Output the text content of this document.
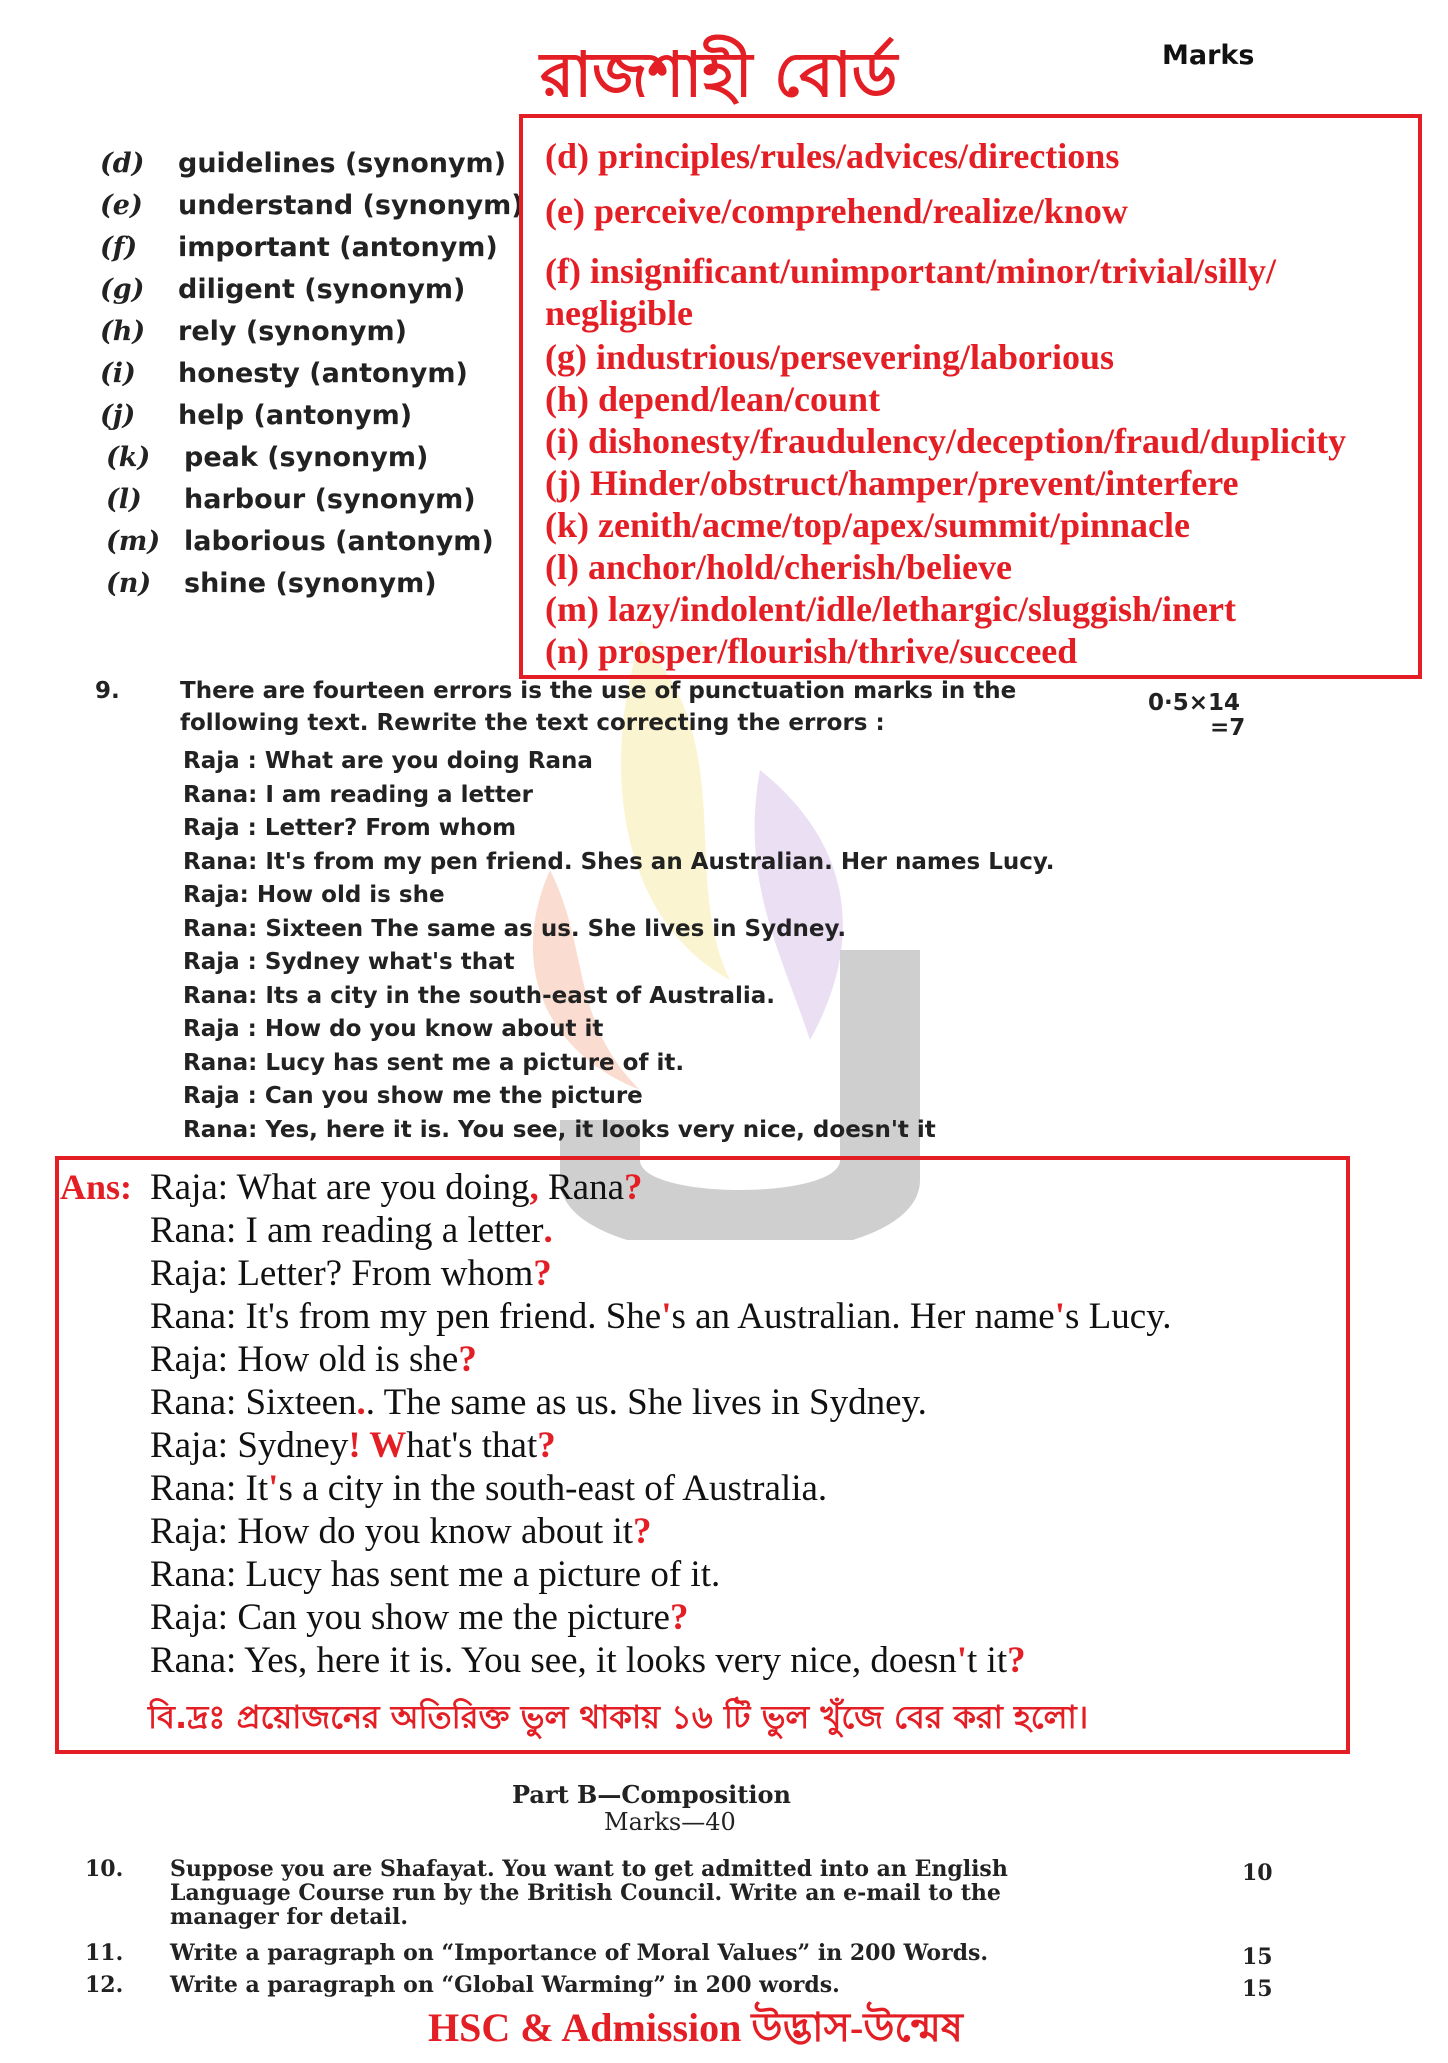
রাজশাহী বোর্ড	Marks
(d) guidelines (synonym)
(e) understand (synonym)
(f) important (antonym)
(g) diligent (synonym)
(h) rely (synonym)
(i) honesty (antonym)
(j) help (antonym)
(k) peak (synonym)
(l) harbour (synonym)
(m) laborious (antonym)
(n) shine (synonym)
(d) principles/rules/advices/directions
(e) perceive/comprehend/realize/know
(f) insignificant/unimportant/minor/trivial/silly/
negligible
(g) industrious/persevering/laborious
(h) depend/lean/count
(i) dishonesty/fraudulency/deception/fraud/duplicity
(j) Hinder/obstruct/hamper/prevent/interfere
(k) zenith/acme/top/apex/summit/pinnacle
(l) anchor/hold/cherish/believe
(m) lazy/indolent/idle/lethargic/sluggish/inert
(n) prosper/flourish/thrive/succeed
9.	There are fourteen errors is the use of punctuation marks in the
following text. Rewrite the text correcting the errors :
0·5×14
=7
Raja : What are you doing Rana
Rana: I am reading a letter
Raja : Letter? From whom
Rana: It's from my pen friend. Shes an Australian. Her names Lucy.
Raja: How old is she
Rana: Sixteen The same as us. She lives in Sydney.
Raja : Sydney what's that
Rana: Its a city in the south-east of Australia.
Raja : How do you know about it
Rana: Lucy has sent me a picture of it.
Raja : Can you show me the picture
Rana: Yes, here it is. You see, it looks very nice, doesn't it
Ans: Raja: What are you doing, Rana?
Rana: I am reading a letter.
Raja: Letter? From whom?
Rana: It's from my pen friend. She's an Australian. Her name's Lucy.
Raja: How old is she?
Rana: Sixteen.. The same as us. She lives in Sydney.
Raja: Sydney! What's that?
Rana: It's a city in the south-east of Australia.
Raja: How do you know about it?
Rana: Lucy has sent me a picture of it.
Raja: Can you show me the picture?
Rana: Yes, here it is. You see, it looks very nice, doesn't it?
বি.দ্রঃ প্রয়োজনের অতিরিক্ত ভুল থাকায় ১৬ টি ভুল খুঁজে বের করা হলো।
Part B—Composition
Marks—40
10. Suppose you are Shafayat. You want to get admitted into an English
Language Course run by the British Council. Write an e-mail to the
manager for detail.
10
11. Write a paragraph on “Importance of Moral Values” in 200 Words.	15
12. Write a paragraph on “Global Warming” in 200 words.	15
HSC & Admission উদ্ভাস-উন্মেষ
